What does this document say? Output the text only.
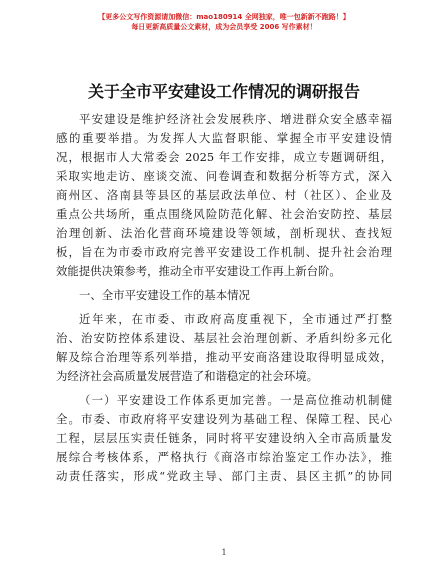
【更多公文写作资源请加微信：mao180914 全网独家，唯一包新新不跑路！】
每日更新高质量公文素材，成为会员享受 2006 写作素材！
关于全市平安建设工作情况的调研报告
平安建设是维护经济社会发展秩序、增进群众安全感幸福
感的重要举措。为发挥人大监督职能、掌握全市平安建设情
况，根据市人大常委会 2025 年工作安排，成立专题调研组，
采取实地走访、座谈交流、问卷调查和数据分析等方式，深入
商州区、洛南县等县区的基层政法单位、村（社区）、企业及
重点公共场所，重点围绕风险防范化解、社会治安防控、基层
治理创新、法治化营商环境建设等领域，剖析现状、查找短
板，旨在为市委市政府完善平安建设工作机制、提升社会治理
效能提供决策参考，推动全市平安建设工作再上新台阶。
一、全市平安建设工作的基本情况
近年来，在市委、市政府高度重视下，全市通过严打整
治、治安防控体系建设、基层社会治理创新、矛盾纠纷多元化
解及综合治理等系列举措，推动平安商洛建设取得明显成效，
为经济社会高质量发展营造了和谐稳定的社会环境。
（一）平安建设工作体系更加完善。一是高位推动机制健
全。市委、市政府将平安建设列为基础工程、保障工程、民心
工程，层层压实责任链条，同时将平安建设纳入全市高质量发
展综合考核体系，严格执行《商洛市综治鉴定工作办法》，推
动责任落实，形成“党政主导、部门主责、县区主抓”的协同
1
